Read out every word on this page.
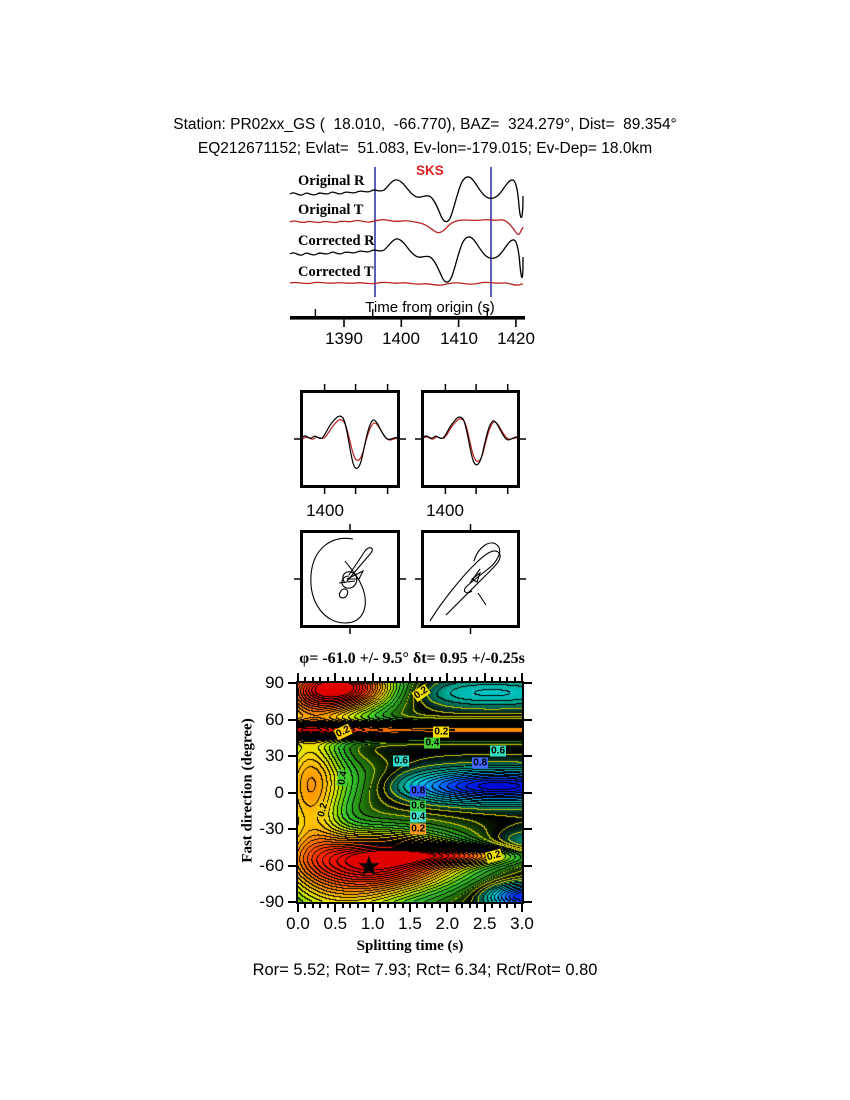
Station: PR02xx_GS (  18.010,  -66.770), BAZ=  324.279°, Dist=  89.354°
EQ212671152; Evlat=  51.083, Ev-lon=-179.015; Ev-Dep= 18.0km
Original R
Original T
Corrected R
Corrected T
SKS
Time from origin (s)
1390	1400	1410	1420
1400	1400
φ= -61.0 +/- 9.5° δt= 0.95 +/-0.25s
Fast direction (degree)
0.2
0.2	0.2
0.4
0.6	0.8
0.6
0.4
0.8
0.6
0.4
0.2
0.2
0.2
90
60
30
0
-30
-60
-90
0.0 0.5 1.0 1.5 2.0 2.5 3.0
Splitting time (s)
Ror= 5.52; Rot= 7.93; Rct= 6.34; Rct/Rot= 0.80
